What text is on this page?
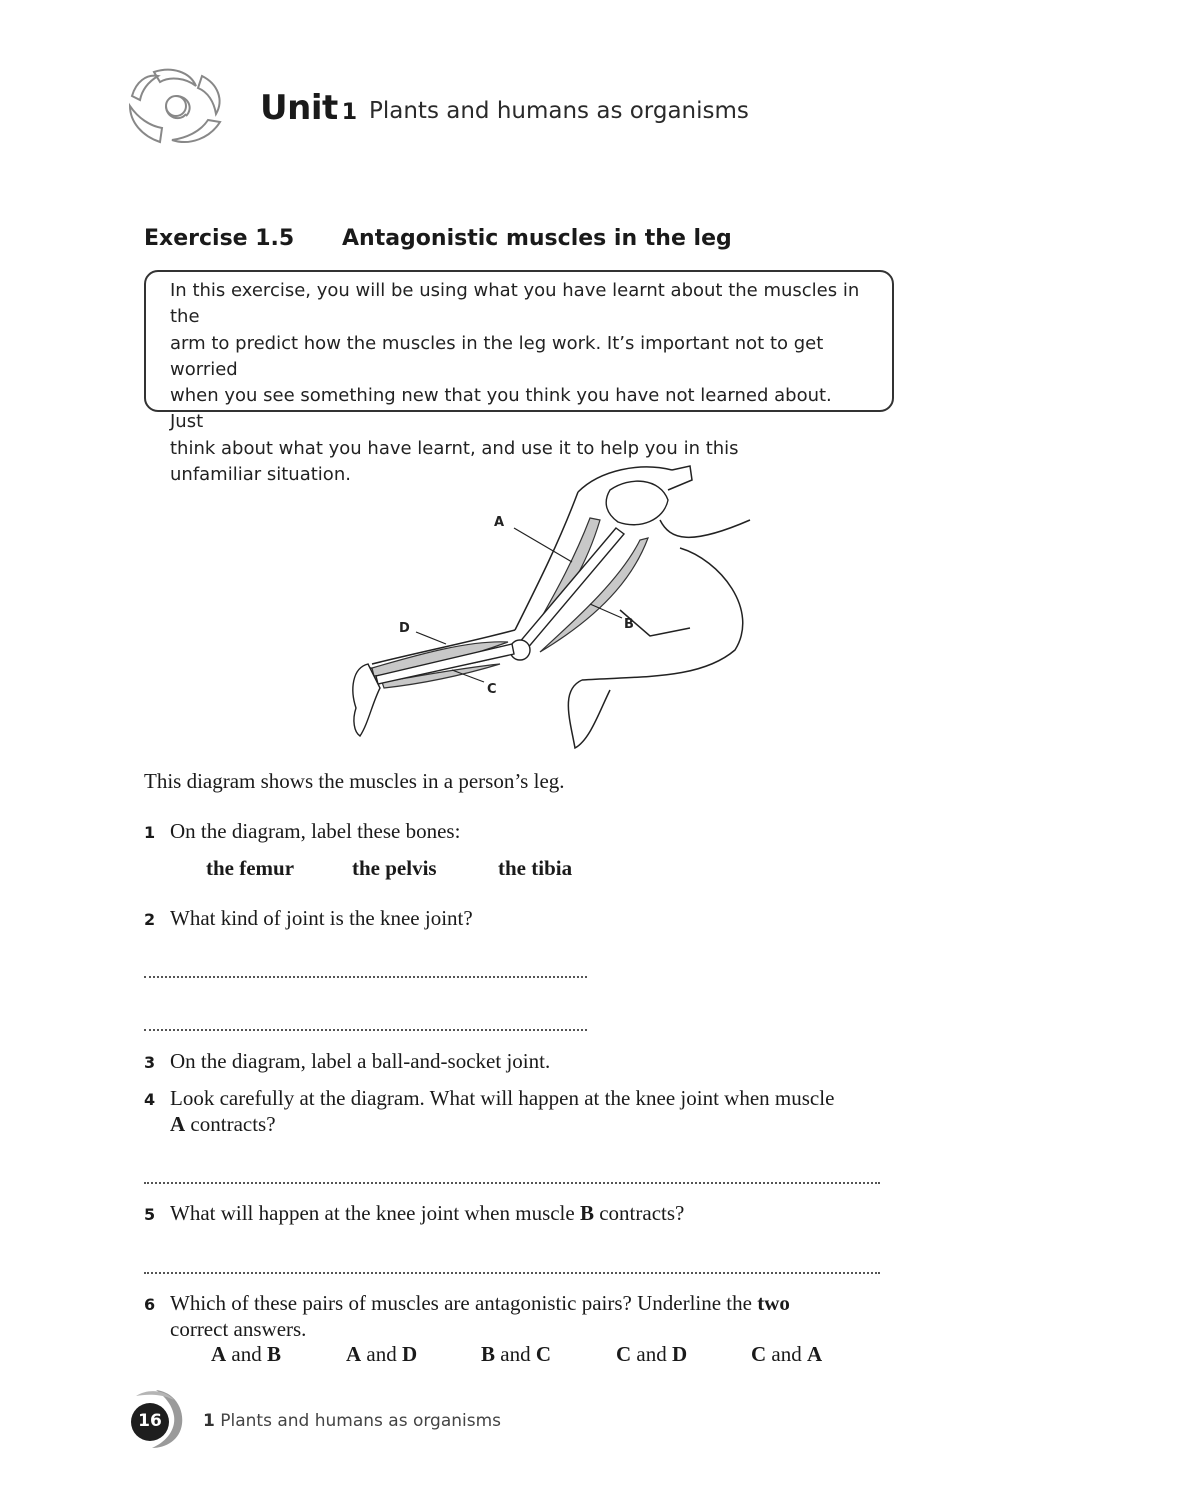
Unit 1 Plants and humans as organisms
Exercise 1.5 Antagonistic muscles in the leg
In this exercise, you will be using what you have learnt about the muscles in the
arm to predict how the muscles in the leg work. It’s important not to get worried
when you see something new that you think you have not learned about. Just
think about what you have learnt, and use it to help you in this
unfamiliar situation.
A
B
C
D
This diagram shows the muscles in a person’s leg.
1 On the diagram, label these bones:
the femur	the pelvis	the tibia
2 What kind of joint is the knee joint?
3 On the diagram, label a ball-and-socket joint.
4 Look carefully at the diagram. What will happen at the knee joint when muscle
A contracts?
5 What will happen at the knee joint when muscle B contracts?
6 Which of these pairs of muscles are antagonistic pairs? Underline the two
correct answers.
A and B	A and D	B and C	C and D	C and A
16	1 Plants and humans as organisms
